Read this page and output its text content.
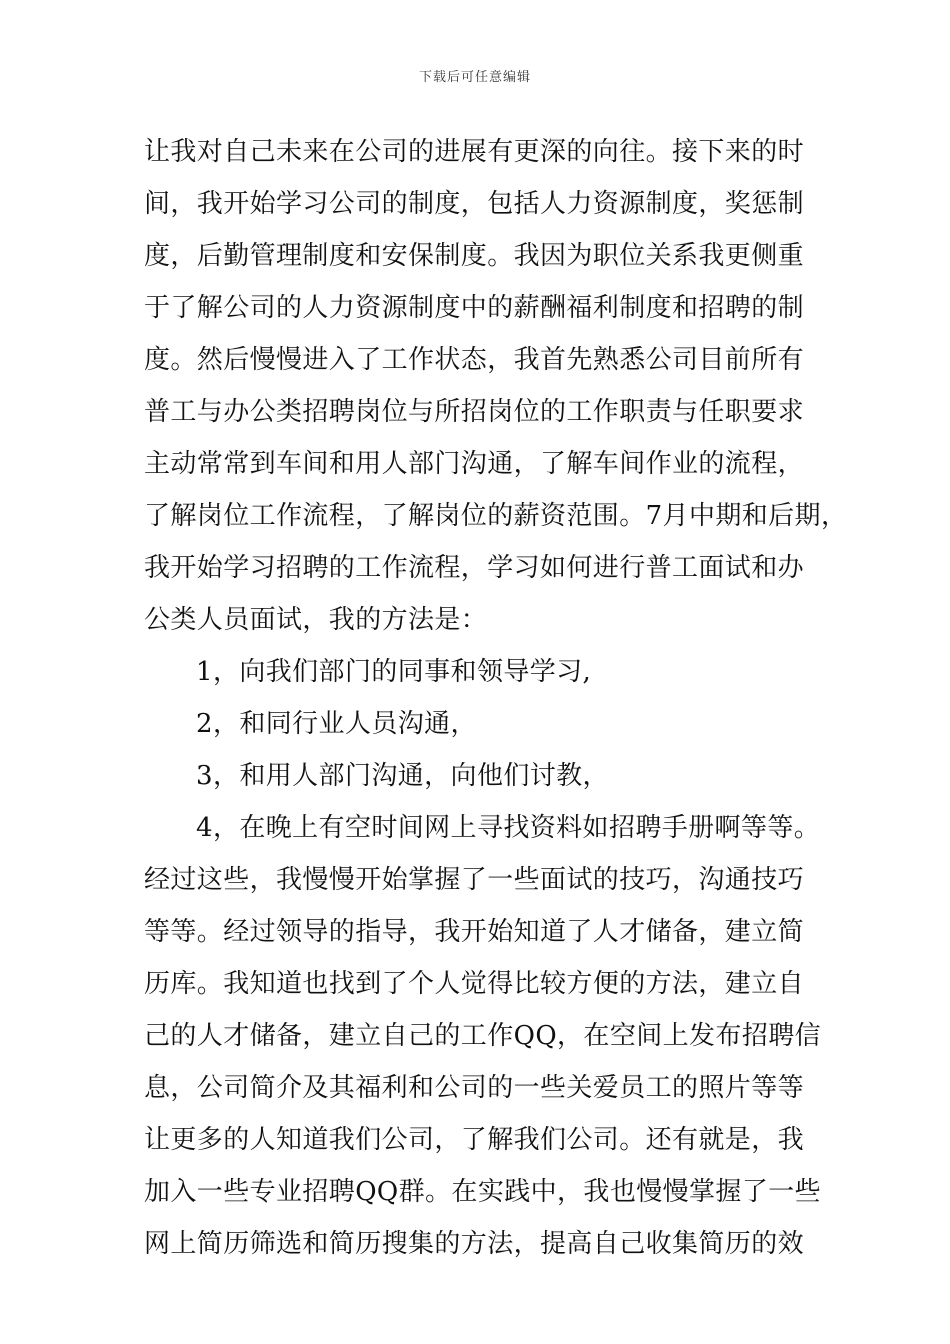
下载后可任意编辑
让我对自己未来在公司的进展有更深的向往。接下来的时
间，我开始学习公司的制度，包括人力资源制度，奖惩制
度，后勤管理制度和安保制度。我因为职位关系我更侧重
于了解公司的人力资源制度中的薪酬福利制度和招聘的制
度。然后慢慢进入了工作状态，我首先熟悉公司目前所有
普工与办公类招聘岗位与所招岗位的工作职责与任职要求
主动常常到车间和用人部门沟通，了解车间作业的流程，
了解岗位工作流程，了解岗位的薪资范围。7月中期和后期，
我开始学习招聘的工作流程，学习如何进行普工面试和办
公类人员面试，我的方法是：
1，向我们部门的同事和领导学习,
2，和同行业人员沟通，
3，和用人部门沟通，向他们讨教，
4，在晚上有空时间网上寻找资料如招聘手册啊等等。
经过这些，我慢慢开始掌握了一些面试的技巧，沟通技巧
等等。经过领导的指导，我开始知道了人才储备，建立简
历库。我知道也找到了个人觉得比较方便的方法，建立自
己的人才储备，建立自己的工作QQ，在空间上发布招聘信
息，公司简介及其福利和公司的一些关爱员工的照片等等
让更多的人知道我们公司，了解我们公司。还有就是，我
加入一些专业招聘QQ群。在实践中，我也慢慢掌握了一些
网上简历筛选和简历搜集的方法，提高自己收集简历的效
